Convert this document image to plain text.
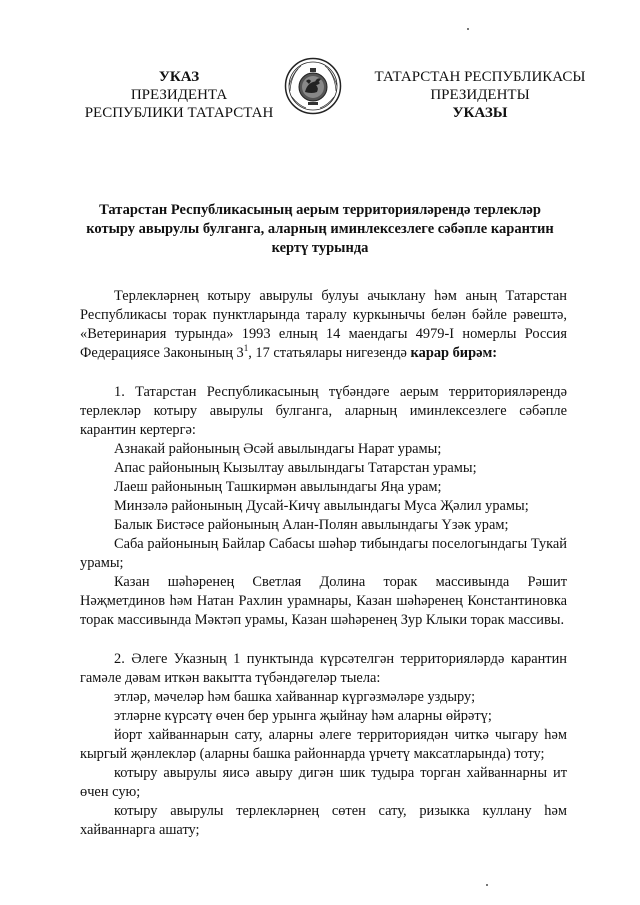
УКАЗ
ПРЕЗИДЕНТА
РЕСПУБЛИКИ ТАТАРСТАН
ТАТАРСТАН РЕСПУБЛИКАСЫ
ПРЕЗИДЕНТЫ
УКАЗЫ
Татарстан Республикасының аерым территорияләрендә терлекләр
котыру авырулы булганга, аларның иминлексезлеге сәбәпле карантин
кертү турында

Терлекләрнең котыру авырулы булуы ачыклану һәм аның Татарстан Республикасы торак пунктларында таралу куркынычы белән бәйле рәвештә, «Ветеринария турында» 1993 елның 14 маендагы 4979-I номерлы Россия Федерациясе Законының $3^1$, 17 статьялары нигезендә карар бирәм:

1. Татарстан Республикасының түбәндәге аерым территорияләрендә терлекләр котыру авырулы булганга, аларның иминлексезлеге сәбәпле карантин кертергә:

Азнакай районының Әсәй авылындагы Нарат урамы;

Апас районының Кызылтау авылындагы Татарстан урамы;

Лаеш районының Ташкирмән авылындагы Яңа урам;

Минзәлә районының Дусай-Кичү авылындагы Муса Җәлил урамы;

Балык Бистәсе районының Алан-Полян авылындагы Үзәк урам;

Саба районының Байлар Сабасы шәһәр тибындагы поселогындагы Тукай урамы;

Казан шәһәренең Светлая Долина торак массивында Рәшит Нәҗметдинов һәм Натан Рахлин урамнары, Казан шәһәренең Константиновка торак массивында Мәктәп урамы, Казан шәһәренең Зур Клыки торак массивы.

2. Әлеге Указның 1 пунктында күрсәтелгән территорияләрдә карантин гамәле дәвам иткән вакытта түбәндәгеләр тыела:

этләр, мәчеләр һәм башка хайваннар күргәзмәләре уздыру;

этләрне күрсәтү өчен бер урынга җыйнау һәм аларны өйрәтү;

йорт хайваннарын сату, аларны әлеге территориядән читкә чыгару һәм кыргый җәнлекләр (аларны башка районнарда үрчетү максатларында) тоту;

котыру авырулы яисә авыру дигән шик тудыра торган хайваннарны ит өчен сую;

котыру авырулы терлекләрнең сөтен сату, ризыкка куллану һәм хайваннарга ашату;
